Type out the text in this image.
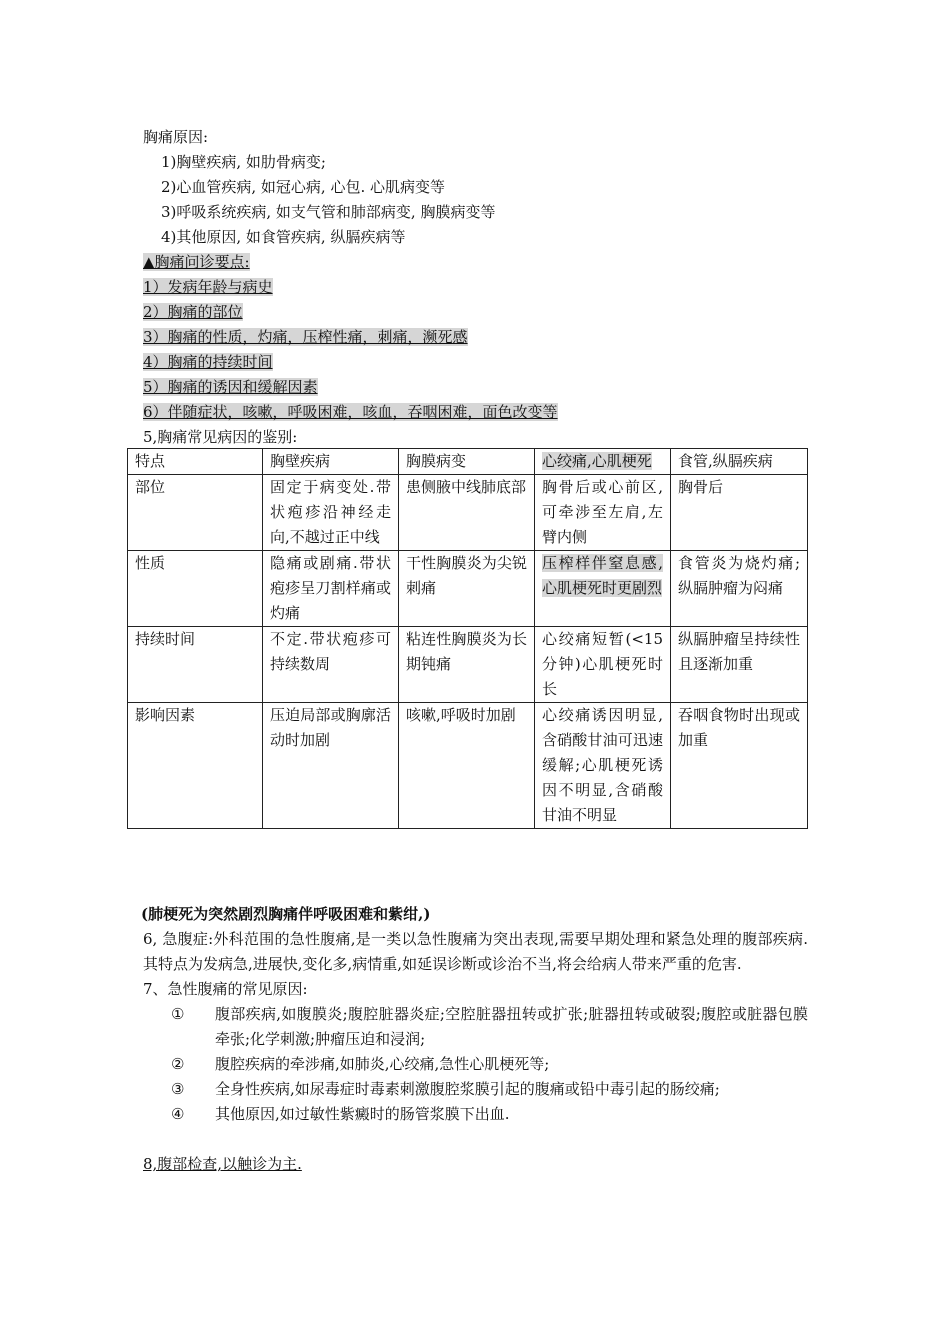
胸痛原因:
1)胸壁疾病, 如肋骨病变;
2)心血管疾病, 如冠心病, 心包. 心肌病变等
3)呼吸系统疾病, 如支气管和肺部病变, 胸膜病变等
4)其他原因, 如食管疾病, 纵膈疾病等
▲胸痛问诊要点:
1）发病年龄与病史
2）胸痛的部位
3）胸痛的性质，灼痛，压榨性痛，刺痛，濒死感
4）胸痛的持续时间
5）胸痛的诱因和缓解因素
6）伴随症状，咳嗽，呼吸困难，咳血，吞咽困难，面色改变等
5,胸痛常见病因的鉴别:
特点	胸壁疾病	胸膜病变	心绞痛,心肌梗死	食管,纵膈疾病
部位	固定于病变处.带状疱疹沿神经走向,不越过正中线	患侧腋中线肺底部	胸骨后或心前区,可牵涉至左肩,左臂内侧	胸骨后
性质	隐痛或剧痛.带状疱疹呈刀割样痛或灼痛	干性胸膜炎为尖锐刺痛	压榨样伴窒息感,心肌梗死时更剧烈	食管炎为烧灼痛;纵膈肿瘤为闷痛
持续时间	不定.带状疱疹可持续数周	粘连性胸膜炎为长期钝痛	心绞痛短暂(<15分钟)心肌梗死时长	纵膈肿瘤呈持续性且逐渐加重
影响因素	压迫局部或胸廓活动时加剧	咳嗽,呼吸时加剧	心绞痛诱因明显,含硝酸甘油可迅速缓解;心肌梗死诱因不明显,含硝酸甘油不明显	吞咽食物时出现或加重
(肺梗死为突然剧烈胸痛伴呼吸困难和紫绀,)
6, 急腹症:外科范围的急性腹痛,是一类以急性腹痛为突出表现,需要早期处理和紧急处理的腹部疾病.其特点为发病急,进展快,变化多,病情重,如延误诊断或诊治不当,将会给病人带来严重的危害.
7、急性腹痛的常见原因:
① 腹部疾病,如腹膜炎;腹腔脏器炎症;空腔脏器扭转或扩张;脏器扭转或破裂;腹腔或脏器包膜牵张;化学刺激;肿瘤压迫和浸润;
② 腹腔疾病的牵涉痛,如肺炎,心绞痛,急性心肌梗死等;
③ 全身性疾病,如尿毒症时毒素刺激腹腔浆膜引起的腹痛或铅中毒引起的肠绞痛;
④ 其他原因,如过敏性紫癜时的肠管浆膜下出血.
8,腹部检查,以触诊为主.
